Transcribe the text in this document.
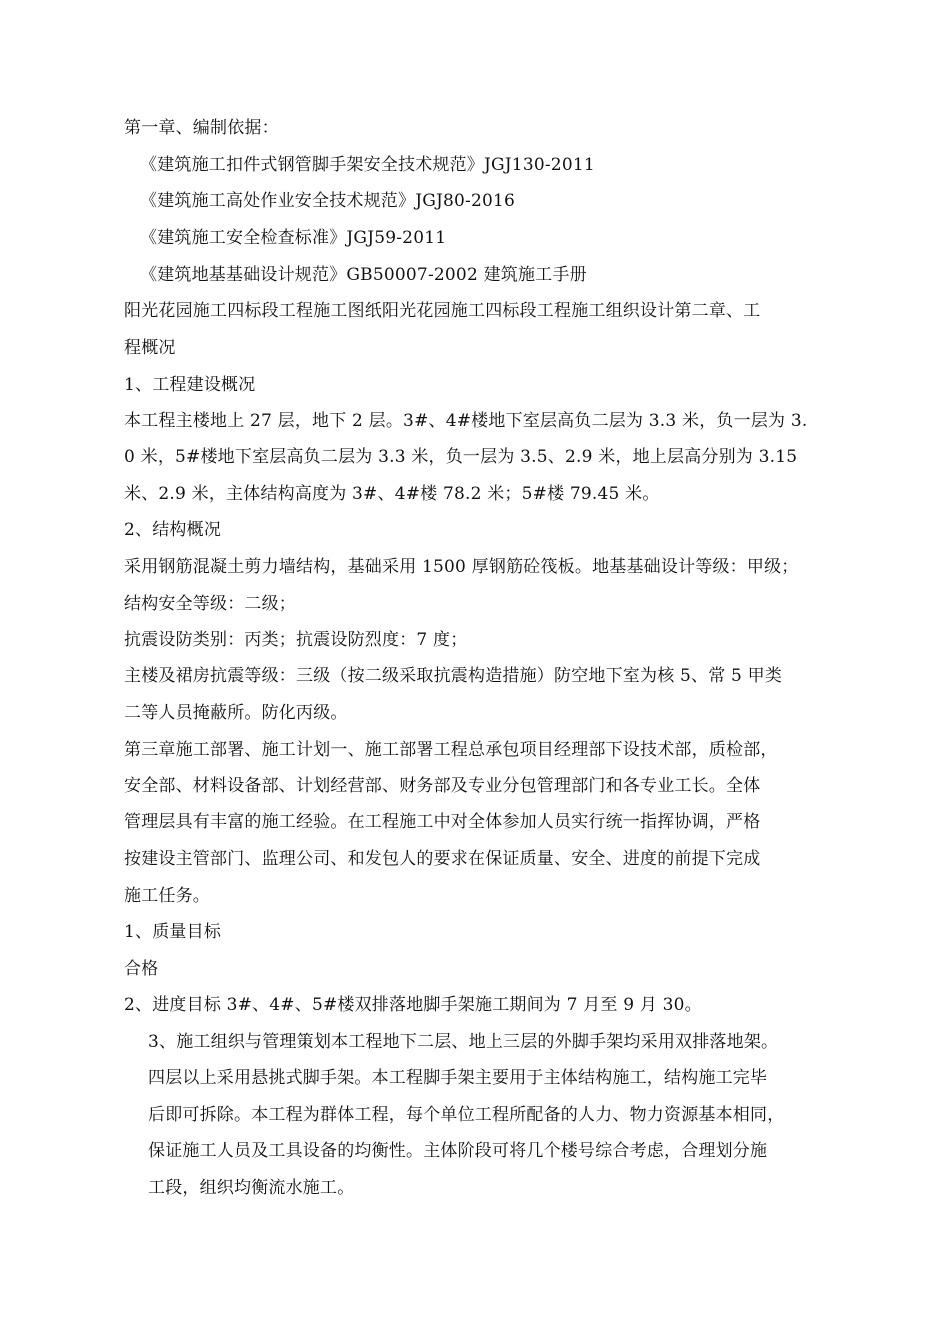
第一章、编制依据：
《建筑施工扣件式钢管脚手架安全技术规范》JGJ130-2011
《建筑施工高处作业安全技术规范》JGJ80-2016
《建筑施工安全检查标准》JGJ59-2011
《建筑地基基础设计规范》GB50007-2002 建筑施工手册
阳光花园施工四标段工程施工图纸阳光花园施工四标段工程施工组织设计第二章、工
程概况
1、工程建设概况
本工程主楼地上 27 层，地下 2 层。3#、4#楼地下室层高负二层为 3.3 米，负一层为 3.
0 米，5#楼地下室层高负二层为 3.3 米，负一层为 3.5、2.9 米，地上层高分别为 3.15
米、2.9 米，主体结构高度为 3#、4#楼 78.2 米；5#楼 79.45 米。
2、结构概况
采用钢筋混凝土剪力墙结构，基础采用 1500 厚钢筋砼筏板。地基基础设计等级：甲级；
结构安全等级：二级；
抗震设防类别：丙类；抗震设防烈度：7 度；
主楼及裙房抗震等级：三级（按二级采取抗震构造措施）防空地下室为核 5、常 5 甲类
二等人员掩蔽所。防化丙级。
第三章施工部署、施工计划一、施工部署工程总承包项目经理部下设技术部，质检部，
安全部、材料设备部、计划经营部、财务部及专业分包管理部门和各专业工长。全体
管理层具有丰富的施工经验。在工程施工中对全体参加人员实行统一指挥协调，严格
按建设主管部门、监理公司、和发包人的要求在保证质量、安全、进度的前提下完成
施工任务。
1、质量目标
合格
2、进度目标 3#、4#、5#楼双排落地脚手架施工期间为 7 月至 9 月 30。
3、施工组织与管理策划本工程地下二层、地上三层的外脚手架均采用双排落地架。
四层以上采用悬挑式脚手架。本工程脚手架主要用于主体结构施工，结构施工完毕
后即可拆除。本工程为群体工程，每个单位工程所配备的人力、物力资源基本相同，
保证施工人员及工具设备的均衡性。主体阶段可将几个楼号综合考虑，合理划分施
工段，组织均衡流水施工。
